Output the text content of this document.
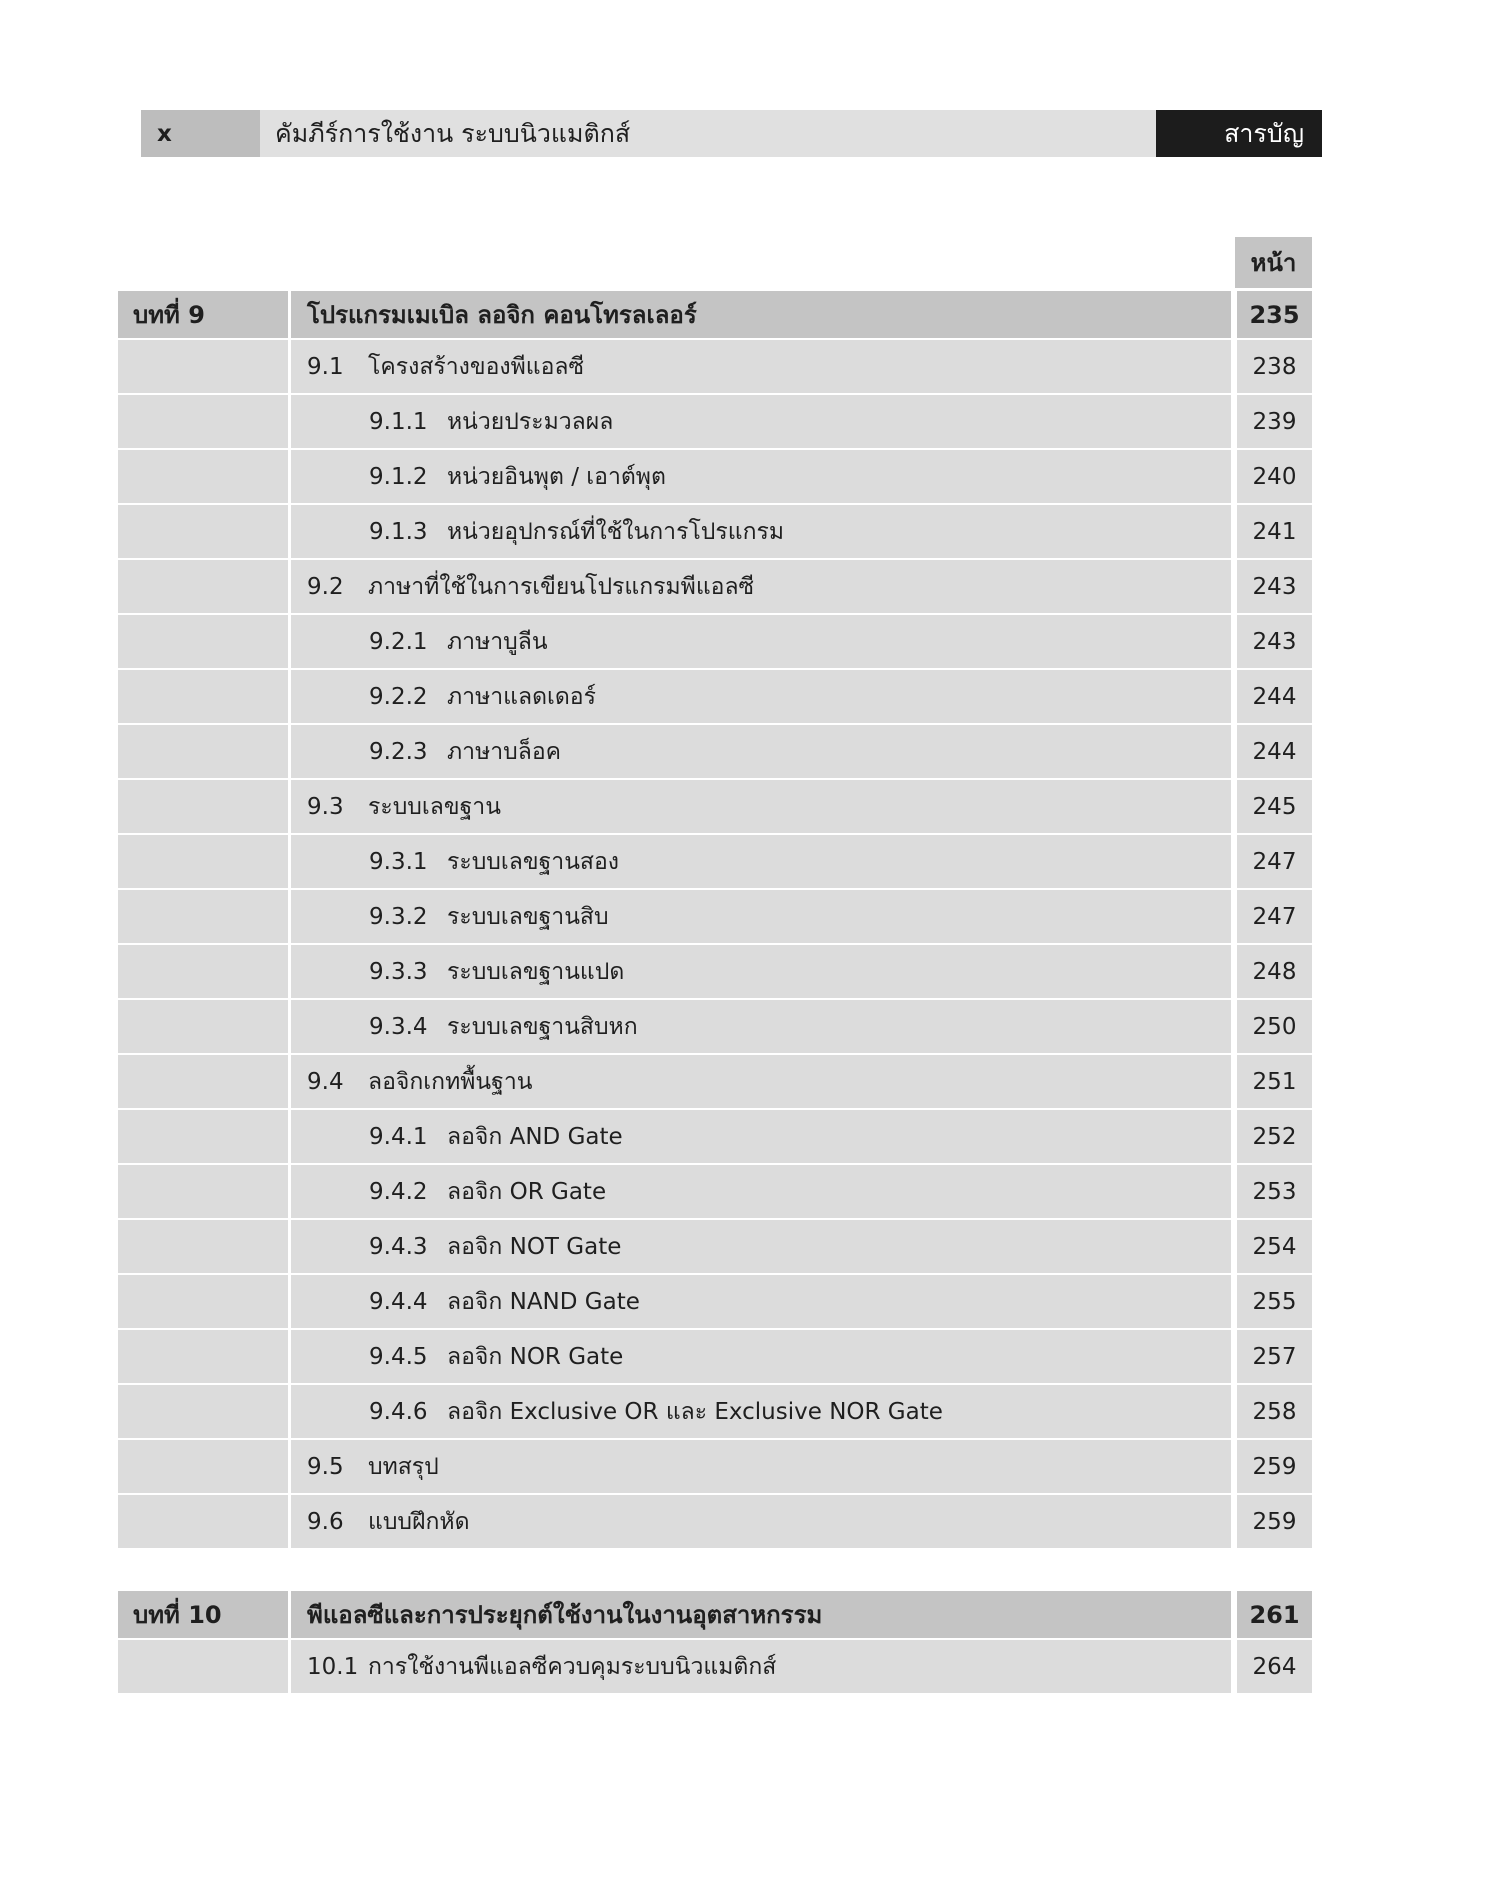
x	คัมภีร์การใช้งาน ระบบนิวแมติกส์	สารบัญ
หน้า
บทที่ 9	โปรแกรมเมเบิล ลอจิก คอนโทรลเลอร์	235
9.1	โครงสร้างของพีแอลซี	238
9.1.1 หน่วยประมวลผล	239
9.1.2 หน่วยอินพุต / เอาต์พุต	240
9.1.3 หน่วยอุปกรณ์ที่ใช้ในการโปรแกรม	241
9.2	ภาษาที่ใช้ในการเขียนโปรแกรมพีแอลซี	243
9.2.1 ภาษาบูลีน	243
9.2.2 ภาษาแลดเดอร์	244
9.2.3 ภาษาบล็อค	244
9.3	ระบบเลขฐาน	245
9.3.1 ระบบเลขฐานสอง	247
9.3.2 ระบบเลขฐานสิบ	247
9.3.3 ระบบเลขฐานแปด	248
9.3.4 ระบบเลขฐานสิบหก	250
9.4	ลอจิกเกทพื้นฐาน	251
9.4.1 ลอจิก AND Gate	252
9.4.2 ลอจิก OR Gate	253
9.4.3 ลอจิก NOT Gate	254
9.4.4 ลอจิก NAND Gate	255
9.4.5 ลอจิก NOR Gate	257
9.4.6 ลอจิก Exclusive OR และ Exclusive NOR Gate	258
9.5	บทสรุป	259
9.6	แบบฝึกหัด	259
บทที่ 10	พีแอลซีและการประยุกต์ใช้งานในงานอุตสาหกรรม	261
10.1 การใช้งานพีแอลซีควบคุมระบบนิวแมติกส์	264
